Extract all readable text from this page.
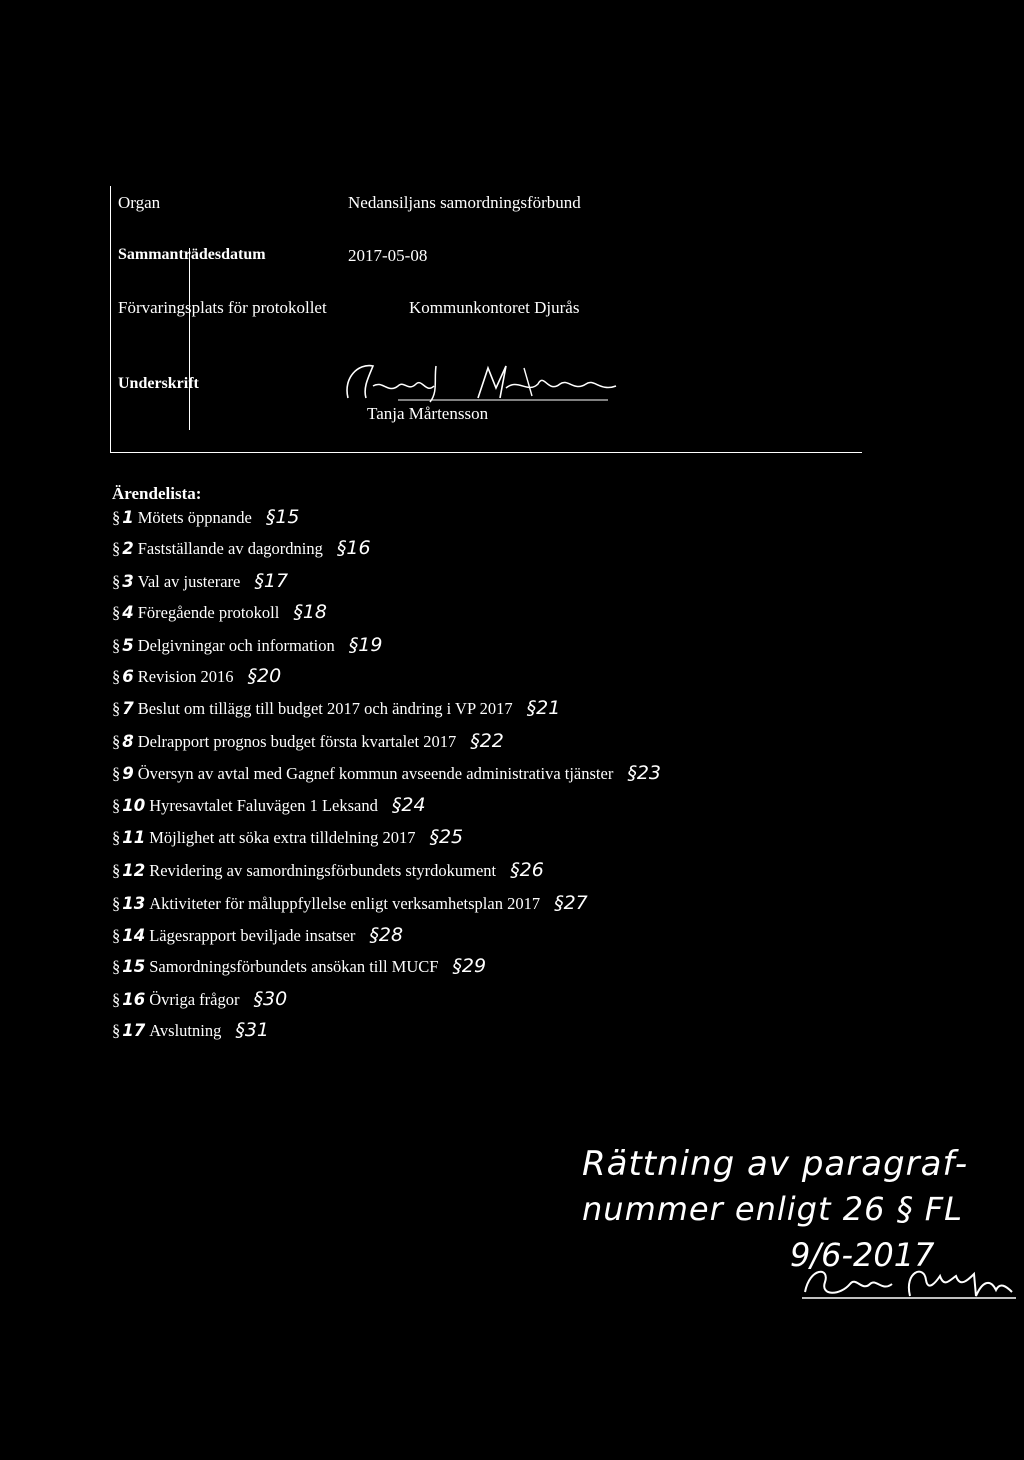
Organ	Nedansiljans samordningsförbund
Sammanträdesdatum	2017-05-08
Förvaringsplats för protokollet	Kommunkontoret Djurås
Underskrift
Tanja Mårtensson
Ärendelista:
§ 1 Mötets öppnande §15
§ 2 Fastställande av dagordning §16
§ 3 Val av justerare §17
§ 4 Föregående protokoll §18
§ 5 Delgivningar och information §19
§ 6 Revision 2016 §20
§ 7 Beslut om tillägg till budget 2017 och ändring i VP 2017 §21
§ 8 Delrapport prognos budget första kvartalet 2017 §22
§ 9 Översyn av avtal med Gagnef kommun avseende administrativa tjänster §23
§ 10 Hyresavtalet Faluvägen 1 Leksand §24
§ 11 Möjlighet att söka extra tilldelning 2017 §25
§ 12 Revidering av samordningsförbundets styrdokument §26
§ 13 Aktiviteter för måluppfyllelse enligt verksamhetsplan 2017 §27
§ 14 Lägesrapport beviljade insatser §28
§ 15 Samordningsförbundets ansökan till MUCF §29
§ 16 Övriga frågor §30
§ 17 Avslutning §31
Rättning av paragraf-
nummer enligt 26 § FL
9/6-2017
